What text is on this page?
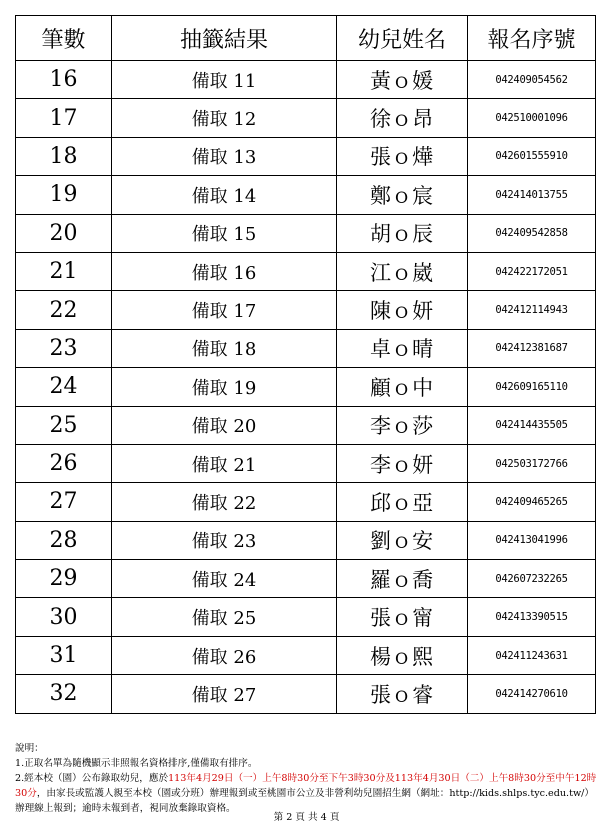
筆數	抽籤結果	幼兒姓名	報名序號
16	備取 11	黃 O 媛	042409054562
17	備取 12	徐 O 昂	042510001096
18	備取 13	張 O 燁	042601555910
19	備取 14	鄭 O 宸	042414013755
20	備取 15	胡 O 辰	042409542858
21	備取 16	江 O 崴	042422172051
22	備取 17	陳 O 妍	042412114943
23	備取 18	卓 O 晴	042412381687
24	備取 19	顧 O 中	042609165110
25	備取 20	李 O 莎	042414435505
26	備取 21	李 O 妍	042503172766
27	備取 22	邱 O 亞	042409465265
28	備取 23	劉 O 安	042413041996
29	備取 24	羅 O 喬	042607232265
30	備取 25	張 O 甯	042413390515
31	備取 26	楊 O 熙	042411243631
32	備取 27	張 O 睿	042414270610

說明：

1.正取名單為隨機顯示非照報名資格排序,僅備取有排序。

2.經本校（園）公布錄取幼兒，應於113年4月29日（一）上午8時30分至下午3時30分及113年4月30日（二）上午8時30分至中午12時30分，由家長或監護人親至本校（園或分班）辦理報到或至桃園市公立及非營利幼兒園招生網（網址：http://kids.shlps.tyc.edu.tw/）辦理線上報到；逾時未報到者，視同放棄錄取資格。

第 2 頁 共 4 頁
